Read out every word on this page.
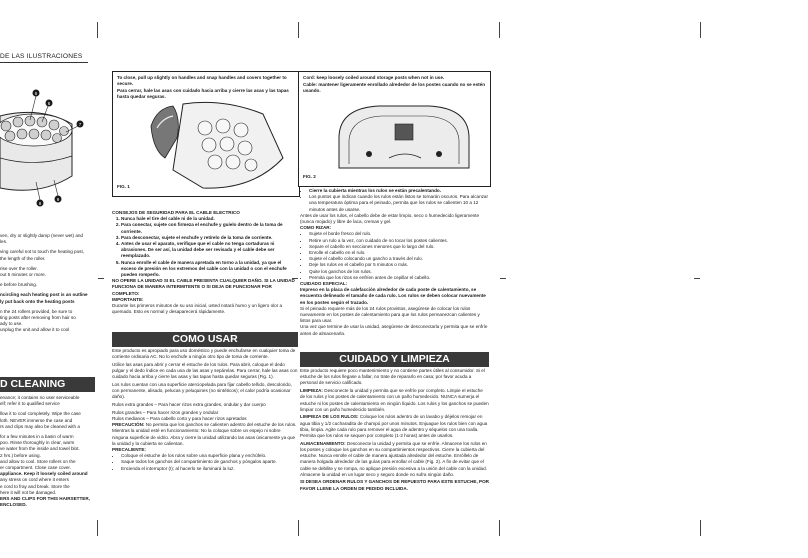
DE LAS ILUSTRACIONES
5
6
7
8
9
ven, dry or slightly damp (never wet) and
les.
ving careful not to touch the heating post,
the length of the roller.
rise over the roller.
out 5 minutes or more.
e before brushing.
ncircling each heating post is an outline
ly put back onto the heating posts
n the 24 rollers provided, be sure to
ting posts after removing from hair so
ady to use.
unplug the unit and allow it to cool
D CLEANING
enance; it contains no user serviceable
elf; refer it to qualified service
llow it to cool completely. Wipe the case
loth. NEVER immerse the case and
rs and clips may also be cleaned with a
for a few minutes in a basin of warm
poo. Rinse thoroughly in clear, warm
ve water from the inside and towel blot.
2 hrs.) before using.
and allow to cool. Store rollers on the
er compartment. Close case cover.
appliance. Keep it loosely coiled around
any stress on cord where it enters
e cord to fray and break. Store the
here it will not be damaged.
ERS AND CLIPS FOR THIS HAIRSETTER,
ENCLOSED.
To close, pull up slightly on handles and snap handles and covers together to secure.
Para cerrar, hale las asas con cuidado hacia arriba y cierre las asas y las tapas hasta quedar seguras.
FIG. 1
Cord: keep loosely coiled around storage posts when not in use.
Cable: mantener ligeramente enrollado alrededor de los postes cuando no se estén usando.
FIG. 2
CONSEJOS DE SEGURIDAD PARA EL CABLE ELECTRICO
1. Nunca hale el tire del cable ni de la unidad.
2. Para conectar, sujete con firmeza el enchufe y guíelo dentro de la toma de corriente.
3. Para desconectar, sujete el enchufe y retírelo de la toma de corriente.
4. Antes de usar el aparato, verifique que el cable no tenga cortaduras ni abrasiones. De ser así, la unidad debe ser revisada y el cable debe ser reemplazado.
5. Nunca enrolle el cable de manera apretada en torno a la unidad, ya que el exceso de presión en los extremos del cable con la unidad o con el enchufe pueden romperlo.
NO OPERE LA UNIDAD SI EL CABLE PRESENTA CUALQUIER DAÑO. SI LA UNIDAD FUNCIONA DE MANERA INTERMITENTE O SI DEJA DE FUNCIONAR POR COMPLETO:
IMPORTANTE:
Durante los primeros minutos de su uso inicial, usted notará humo y un ligero olor a quemado. Esto es normal y desaparecerá rápidamente.
COMO USAR

Este producto es apropiado para uso doméstico y puede enchufarse en cualquier toma de corriente ordinaria AC. No lo enchufe a ningún otro tipo de toma de corriente.

Utilice las asas para abrir y cerrar el estuche de los rulos. Para abrir, coloque el dedo pulgar y el dedo índice en cada una de las asas y sepárelas. Para cerrar, hale las asas con cuidado hacia arriba y cierre las asas y las tapas hasta quedar seguras (Fig. 1).

Los rulos cuentan con una superficie aterciopelada para fijar cabello teñido, descolorido, con permanente, alisado, pelucas y peluquines (no sintéticos); el calor podría ocasionar daño).

Rulos extra grandes – Para hacer rizos extra grandes, ondular y dar cuerpo

Rulos grandes – Para hacer rizos grandes y ondular
Rulos medianos – Para cabello corto y para hacer rizos apretados
PRECAUCIÓN: No permita que los ganchos se calienten adentro del estuche de los rulos. Mientras la unidad esté en funcionamiento: No la coloque sobre un espejo ni sobre ninguna superficie de vidrio. Abra y cierre la unidad utilizando las asas únicamente ya que la unidad y la cubierta se calientan.
PRECALIENTE:
• Coloque el estuche de los rulos sobre una superficie plana y enchúfelo.
• Saque todos los ganchos del compartimiento de ganchos y póngalos aparte.
• Encienda el interruptor (I); al hacerlo se iluminará la luz.
• Cierre la cubierta mientras los rulos se están precalentando.
• Los puntos que indican cuando los rulos están listos se tornarán oscuros. Para alcanzar una temperatura óptima para el peinado, permita que los rulos se calienten 10 a 12 minutos antes de usarse.
Antes de usar los rulos, el cabello debe de estar limpio, seco o humedecido ligeramente (nunca mojado) y libre de laca, cremas y gel.
COMO RIZAR:
• Sujete el borde fresco del rulo.
• Retire un rulo a la vez, con cuidado de no tocar los postes calientes.
• Separe el cabello en secciones menores que lo largo del rulo.
• Enrolle el cabello en el rulo.
• Sujete el cabello colocando un gancho a través del rulo.
• Deje los rulos en el cabello por 5 minutos o más.
• Quite los ganchos de los rulos.
• Permita que los rizos se enfríen antes de cepillar el cabello.
CUIDADO ESPECIAL:
Impreso en la placa de calefacción alrededor de cada poste de calentamiento, se encuentra delineado el tamaño de cada rulo. Los rulos se deben colocar nuevamente en los postes según el trazado.
Si el peinado requiere más de los 24 rulos provistos, asegúrese de colocar los rulos nuevamente en los postes de calentamiento para que los rulos permanezcan calientes y listos para usar.
Una vez que termine de usar la unidad, asegúrese de desconectarla y permita que se enfríe antes de almacenarla.
CUIDADO Y LIMPIEZA

Este producto requiere poco mantenimiento y no contiene partes útiles al consumidor. Si el estuche de los rulos llegase a fallar, no trate de repararlo en casa; por favor acuda a personal de servicio calificado.

LIMPIEZA: Desconecte la unidad y permita que se enfríe por completo. Limpie el estuche de los rulos y los postes de calentamiento con un paño humedecido. NUNCA sumerja el estuche ni los postes de calentamiento en ningún líquido. Los rulos y los ganchos se pueden limpiar con un paño humedecido también.

LIMPIEZA DE LOS RULOS: Coloque los rulos adentro de un lavabo y déjelos remojar en agua tibia y 1/2 cucharadita de champú por unos minutos. Enjuague los rulos bien con agua tibia, limpia. Agite cada rulo para remover el agua de adentro y séquelos con una toalla. Permita que los rulos se sequen por completo (1-2 horas) antes de usarlos.

ALMACENAMIENTO: Desconecte la unidad y permita que se enfríe. Almacene los rulos en los postes y coloque los ganchos en su compartimientos respectivos. Cierre la cubierta del estuche. Nunca enrolle el cable de manera ajustada alrededor del estuche. Enróllelo de manera holgada alrededor de las guías para enrollar el cable (Fig. 2). A fin de evitar que el cable se debilite y se rompa, no aplique presión excesiva a la unión del cable con la unidad. Almacene la unidad en un lugar seco y seguro donde no sufra ningún daño.

SI DESEA ORDENAR RULOS Y GANCHOS DE REPUESTO PARA ESTE ESTUCHE, POR FAVOR LLENE LA ORDEN DE PEDIDO INCLUIDA.
